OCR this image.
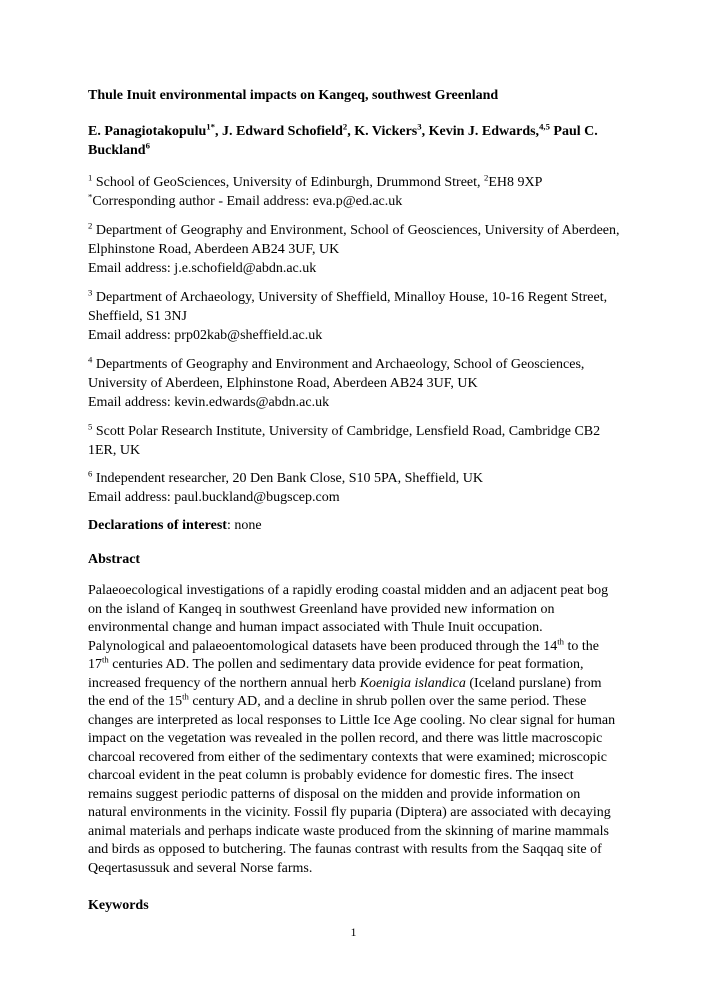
Thule Inuit environmental impacts on Kangeq, southwest Greenland

E. Panagiotakopulu$^{1*}$, J. Edward Schofield$^2$, K. Vickers$^3$, Kevin J. Edwards,$^{4,5}$ Paul C. Buckland$^6$

$^1$ School of GeoSciences, University of Edinburgh, Drummond Street, $^2$EH8 9XP
*Corresponding author - Email address: eva.p@ed.ac.uk

$^2$ Department of Geography and Environment, School of Geosciences, University of Aberdeen, Elphinstone Road, Aberdeen AB24 3UF, UK
Email address: j.e.schofield@abdn.ac.uk

$^3$ Department of Archaeology, University of Sheffield, Minalloy House, 10-16 Regent Street, Sheffield, S1 3NJ
Email address: prp02kab@sheffield.ac.uk

$^4$ Departments of Geography and Environment and Archaeology, School of Geosciences, University of Aberdeen, Elphinstone Road, Aberdeen AB24 3UF, UK
Email address: kevin.edwards@abdn.ac.uk

$^5$ Scott Polar Research Institute, University of Cambridge, Lensfield Road, Cambridge CB2 1ER, UK

$^6$ Independent researcher, 20 Den Bank Close, S10 5PA, Sheffield, UK
Email address: paul.buckland@bugscep.com

Declarations of interest: none

Abstract

Palaeoecological investigations of a rapidly eroding coastal midden and an adjacent peat bog on the island of Kangeq in southwest Greenland have provided new information on environmental change and human impact associated with Thule Inuit occupation. Palynological and palaeoentomological datasets have been produced through the 14th to the 17th centuries AD. The pollen and sedimentary data provide evidence for peat formation, increased frequency of the northern annual herb Koenigia islandica (Iceland purslane) from the end of the 15th century AD, and a decline in shrub pollen over the same period. These changes are interpreted as local responses to Little Ice Age cooling. No clear signal for human impact on the vegetation was revealed in the pollen record, and there was little macroscopic charcoal recovered from either of the sedimentary contexts that were examined; microscopic charcoal evident in the peat column is probably evidence for domestic fires. The insect remains suggest periodic patterns of disposal on the midden and provide information on natural environments in the vicinity. Fossil fly puparia (Diptera) are associated with decaying animal materials and perhaps indicate waste produced from the skinning of marine mammals and birds as opposed to butchering. The faunas contrast with results from the Saqqaq site of Qeqertasussuk and several Norse farms.

Keywords
1
